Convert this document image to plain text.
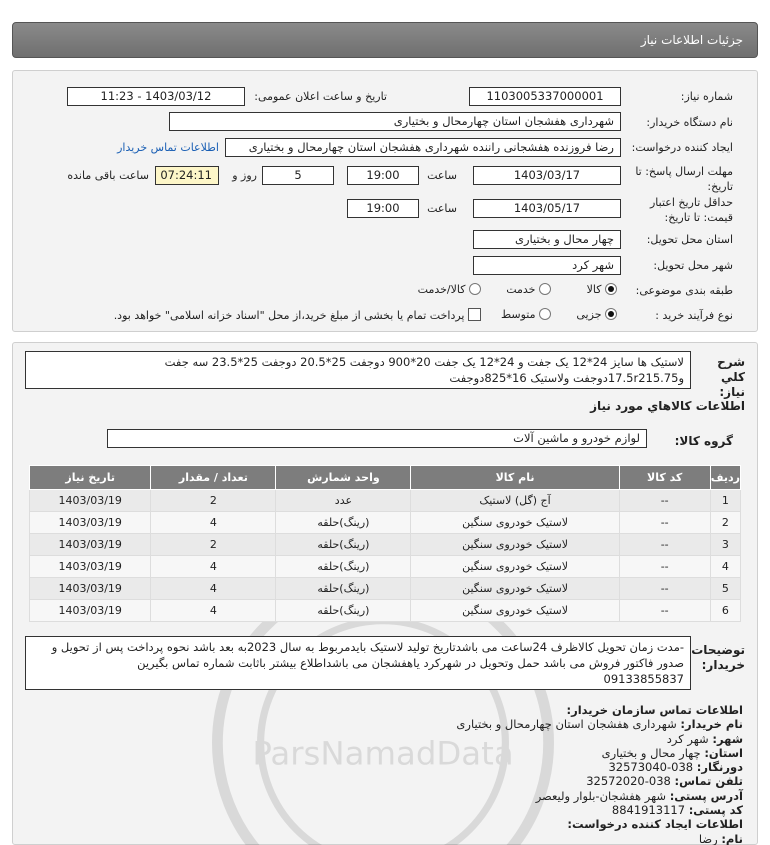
جزئیات اطلاعات نیاز
شماره نیاز:
1103005337000001
تاریخ و ساعت اعلان عمومی:
1403/03/12 - 11:23
نام دستگاه خریدار:
شهرداری هفشجان استان چهارمحال و بختیاری
ایجاد کننده درخواست:
رضا فروزنده هفشجانی راننده شهرداری هفشجان استان چهارمحال و بختیاری
اطلاعات تماس خریدار
مهلت ارسال پاسخ: تا تاریخ:
1403/03/17
ساعت
19:00
5
روز و
07:24:11
ساعت باقی مانده
حداقل تاریخ اعتبار قیمت: تا تاریخ:
1403/05/17
ساعت
19:00
استان محل تحویل:
چهار محال و بختیاری
شهر محل تحویل:
شهر کرد
طبقه بندی موضوعی:
کالا
خدمت
کالا/خدمت
نوع فرآیند خرید :
جزیی
متوسط
پرداخت تمام یا بخشی از مبلغ خرید،از محل "اسناد خزانه اسلامی" خواهد بود.
ParsNamadData
شرح کلي نياز:
لاستیک ها سایز 24*12 یک جفت و 24*12 یک جفت 20*900 دوجفت 25*20.5 دوجفت 25*23.5 سه جفت
و17.5r215.75دوجفت ولاستیک 16*825دوجفت
اطلاعات کالاهاي مورد نياز
گروه کالا:
لوازم خودرو و ماشین آلات
ردیف	کد کالا	نام کالا	واحد شمارش	تعداد / مقدار	تاریخ نیاز
1	--	آج (گل) لاستیک	عدد	2	1403/03/19
2	--	لاستیک خودروی سنگین	(رینگ)حلقه	4	1403/03/19
3	--	لاستیک خودروی سنگین	(رینگ)حلقه	2	1403/03/19
4	--	لاستیک خودروی سنگین	(رینگ)حلقه	4	1403/03/19
5	--	لاستیک خودروی سنگین	(رینگ)حلقه	4	1403/03/19
6	--	لاستیک خودروی سنگین	(رینگ)حلقه	4	1403/03/19
توضیحات خریدار:
-مدت زمان تحویل کالاظرف 24ساعت می باشدتاریخ تولید لاستیک بایدمربوط به سال 2023به بعد باشد نحوه پرداخت پس از تحویل و
صدور فاکتور فروش می باشد حمل وتحویل در شهرکرد یاهفشجان می باشداطلاع بیشتر باثابت شماره تماس بگیرین
09133855837
اطلاعات تماس سازمان خریدار:
نام خریدار: شهرداری هفشجان استان چهارمحال و بختیاری
شهر: شهر کرد
استان: چهار محال و بختیاری
دورنگار: 038-32573040
تلفن تماس: 038-32572020
آدرس پستی: شهر هفشجان-بلوار ولیعصر
کد پستی: 8841913117
اطلاعات ایجاد کننده درخواست:
نام: رضا
